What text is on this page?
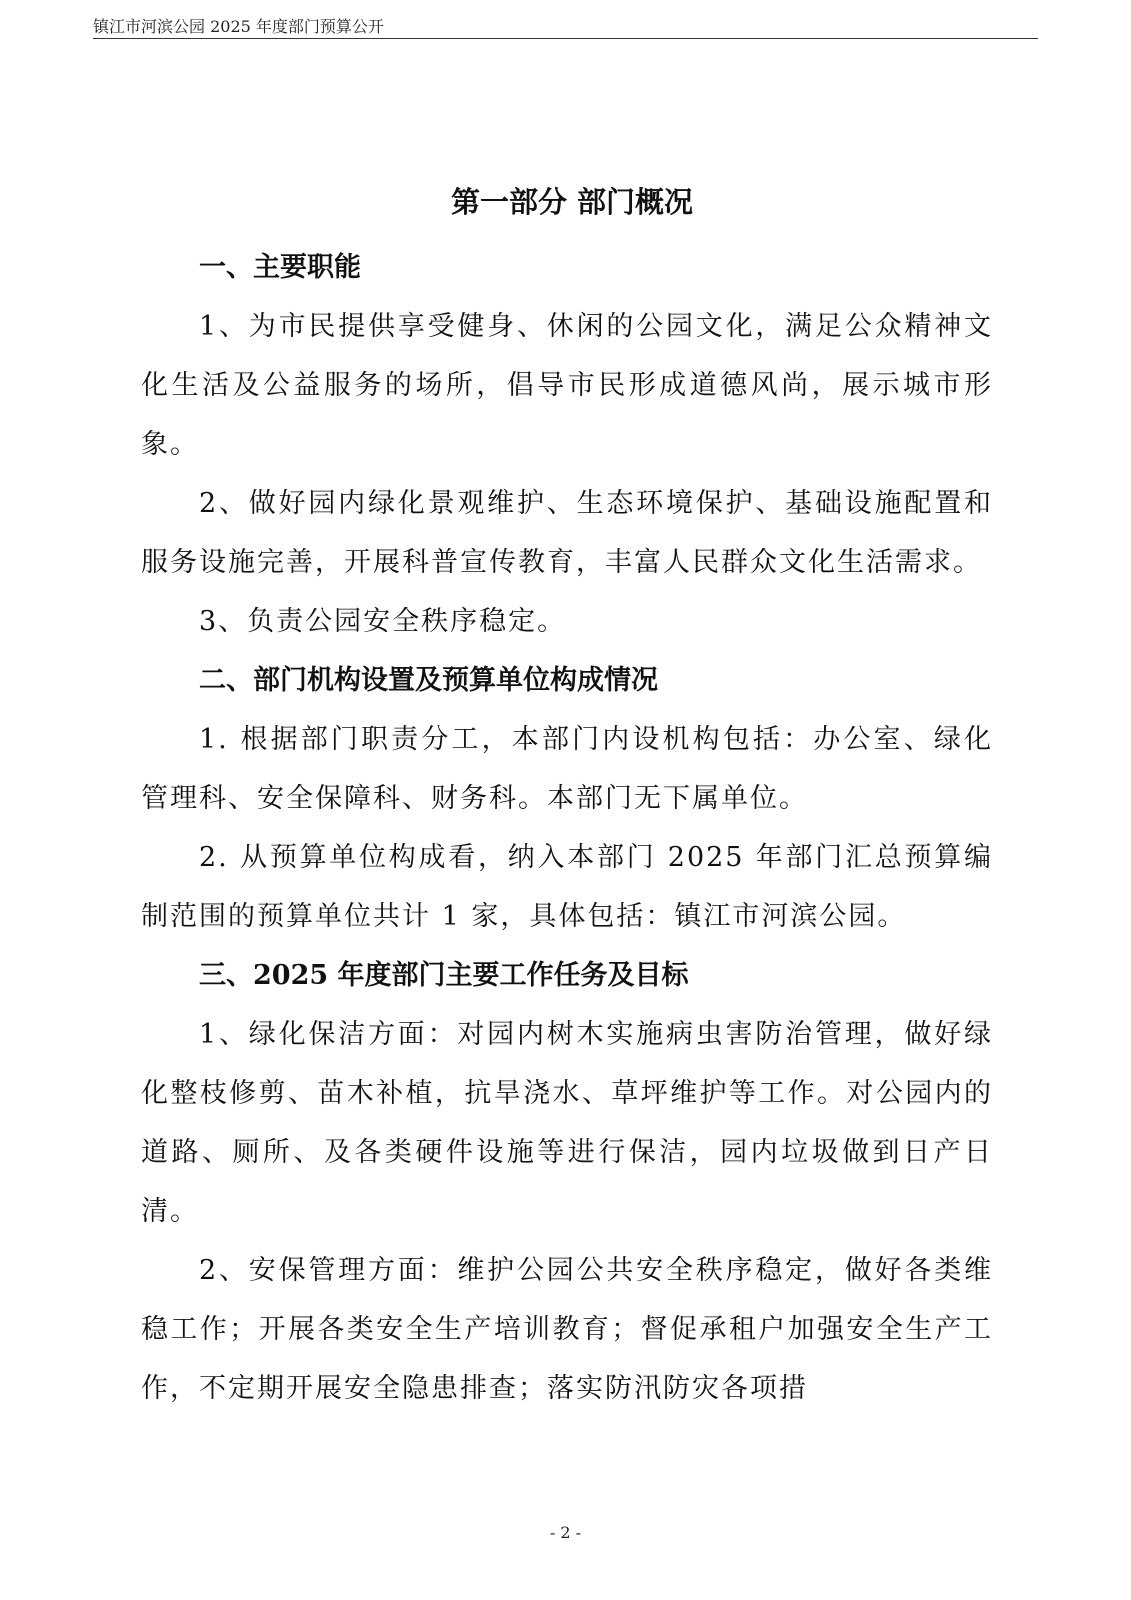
镇江市河滨公园 2025 年度部门预算公开
第一部分 部门概况

一、主要职能

1、为市民提供享受健身、休闲的公园文化，满足公众精神文化生活及公益服务的场所，倡导市民形成道德风尚，展示城市形象。

2、做好园内绿化景观维护、生态环境保护、基础设施配置和服务设施完善，开展科普宣传教育，丰富人民群众文化生活需求。

3、负责公园安全秩序稳定。

二、部门机构设置及预算单位构成情况

1. 根据部门职责分工，本部门内设机构包括：办公室、绿化管理科、安全保障科、财务科。本部门无下属单位。

2. 从预算单位构成看，纳入本部门 2025 年部门汇总预算编制范围的预算单位共计 1 家，具体包括：镇江市河滨公园。

三、2025 年度部门主要工作任务及目标

1、绿化保洁方面：对园内树木实施病虫害防治管理，做好绿化整枝修剪、苗木补植，抗旱浇水、草坪维护等工作。对公园内的道路、厕所、及各类硬件设施等进行保洁，园内垃圾做到日产日清。

2、安保管理方面：维护公园公共安全秩序稳定，做好各类维稳工作；开展各类安全生产培训教育；督促承租户加强安全生产工作，不定期开展安全隐患排查；落实防汛防灾各项措

- 2 -
